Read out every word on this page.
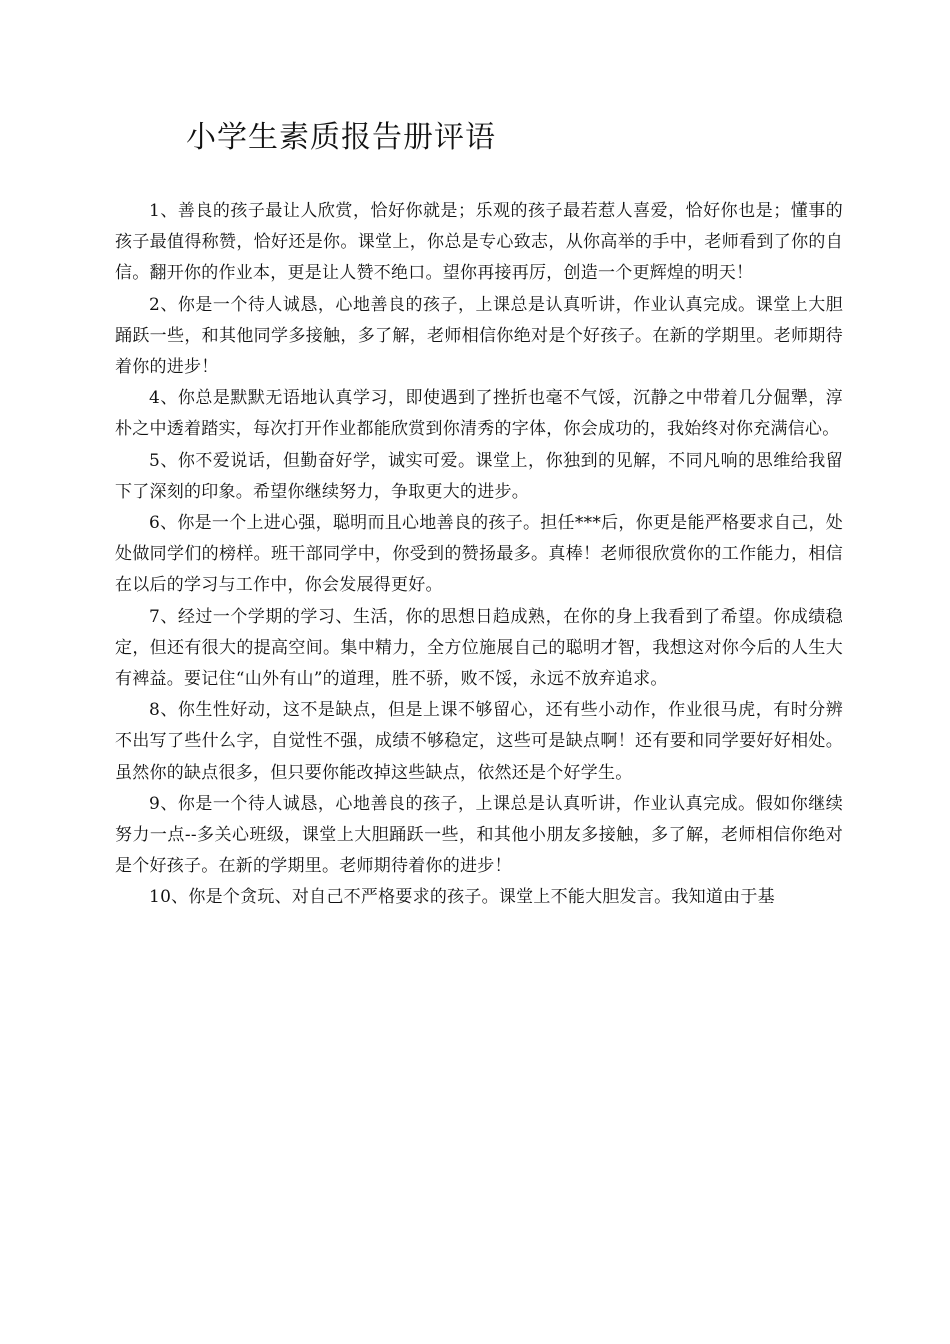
小学生素质报告册评语

1、善良的孩子最让人欣赏，恰好你就是；乐观的孩子最若惹人喜爱，恰好你也是；懂事的孩子最值得称赞，恰好还是你。课堂上，你总是专心致志，从你高举的手中，老师看到了你的自信。翻开你的作业本，更是让人赞不绝口。望你再接再厉，创造一个更辉煌的明天！

2、你是一个待人诚恳，心地善良的孩子，上课总是认真听讲，作业认真完成。课堂上大胆踊跃一些，和其他同学多接触，多了解，老师相信你绝对是个好孩子。在新的学期里。老师期待着你的进步！

4、你总是默默无语地认真学习，即使遇到了挫折也毫不气馁，沉静之中带着几分倔犟，淳朴之中透着踏实，每次打开作业都能欣赏到你清秀的字体，你会成功的，我始终对你充满信心。

5、你不爱说话，但勤奋好学，诚实可爱。课堂上，你独到的见解，不同凡响的思维给我留下了深刻的印象。希望你继续努力，争取更大的进步。

6、你是一个上进心强，聪明而且心地善良的孩子。担任***后，你更是能严格要求自己，处处做同学们的榜样。班干部同学中，你受到的赞扬最多。真棒！老师很欣赏你的工作能力，相信在以后的学习与工作中，你会发展得更好。

7、经过一个学期的学习、生活，你的思想日趋成熟，在你的身上我看到了希望。你成绩稳定，但还有很大的提高空间。集中精力，全方位施展自己的聪明才智，我想这对你今后的人生大有裨益。要记住“山外有山”的道理，胜不骄，败不馁，永远不放弃追求。

8、你生性好动，这不是缺点，但是上课不够留心，还有些小动作，作业很马虎，有时分辨不出写了些什么字，自觉性不强，成绩不够稳定，这些可是缺点啊！还有要和同学要好好相处。虽然你的缺点很多，但只要你能改掉这些缺点，依然还是个好学生。

9、你是一个待人诚恳，心地善良的孩子，上课总是认真听讲，作业认真完成。假如你继续努力一点--多关心班级，课堂上大胆踊跃一些，和其他小朋友多接触，多了解，老师相信你绝对是个好孩子。在新的学期里。老师期待着你的进步！

10、你是个贪玩、对自己不严格要求的孩子。课堂上不能大胆发言。我知道由于基
